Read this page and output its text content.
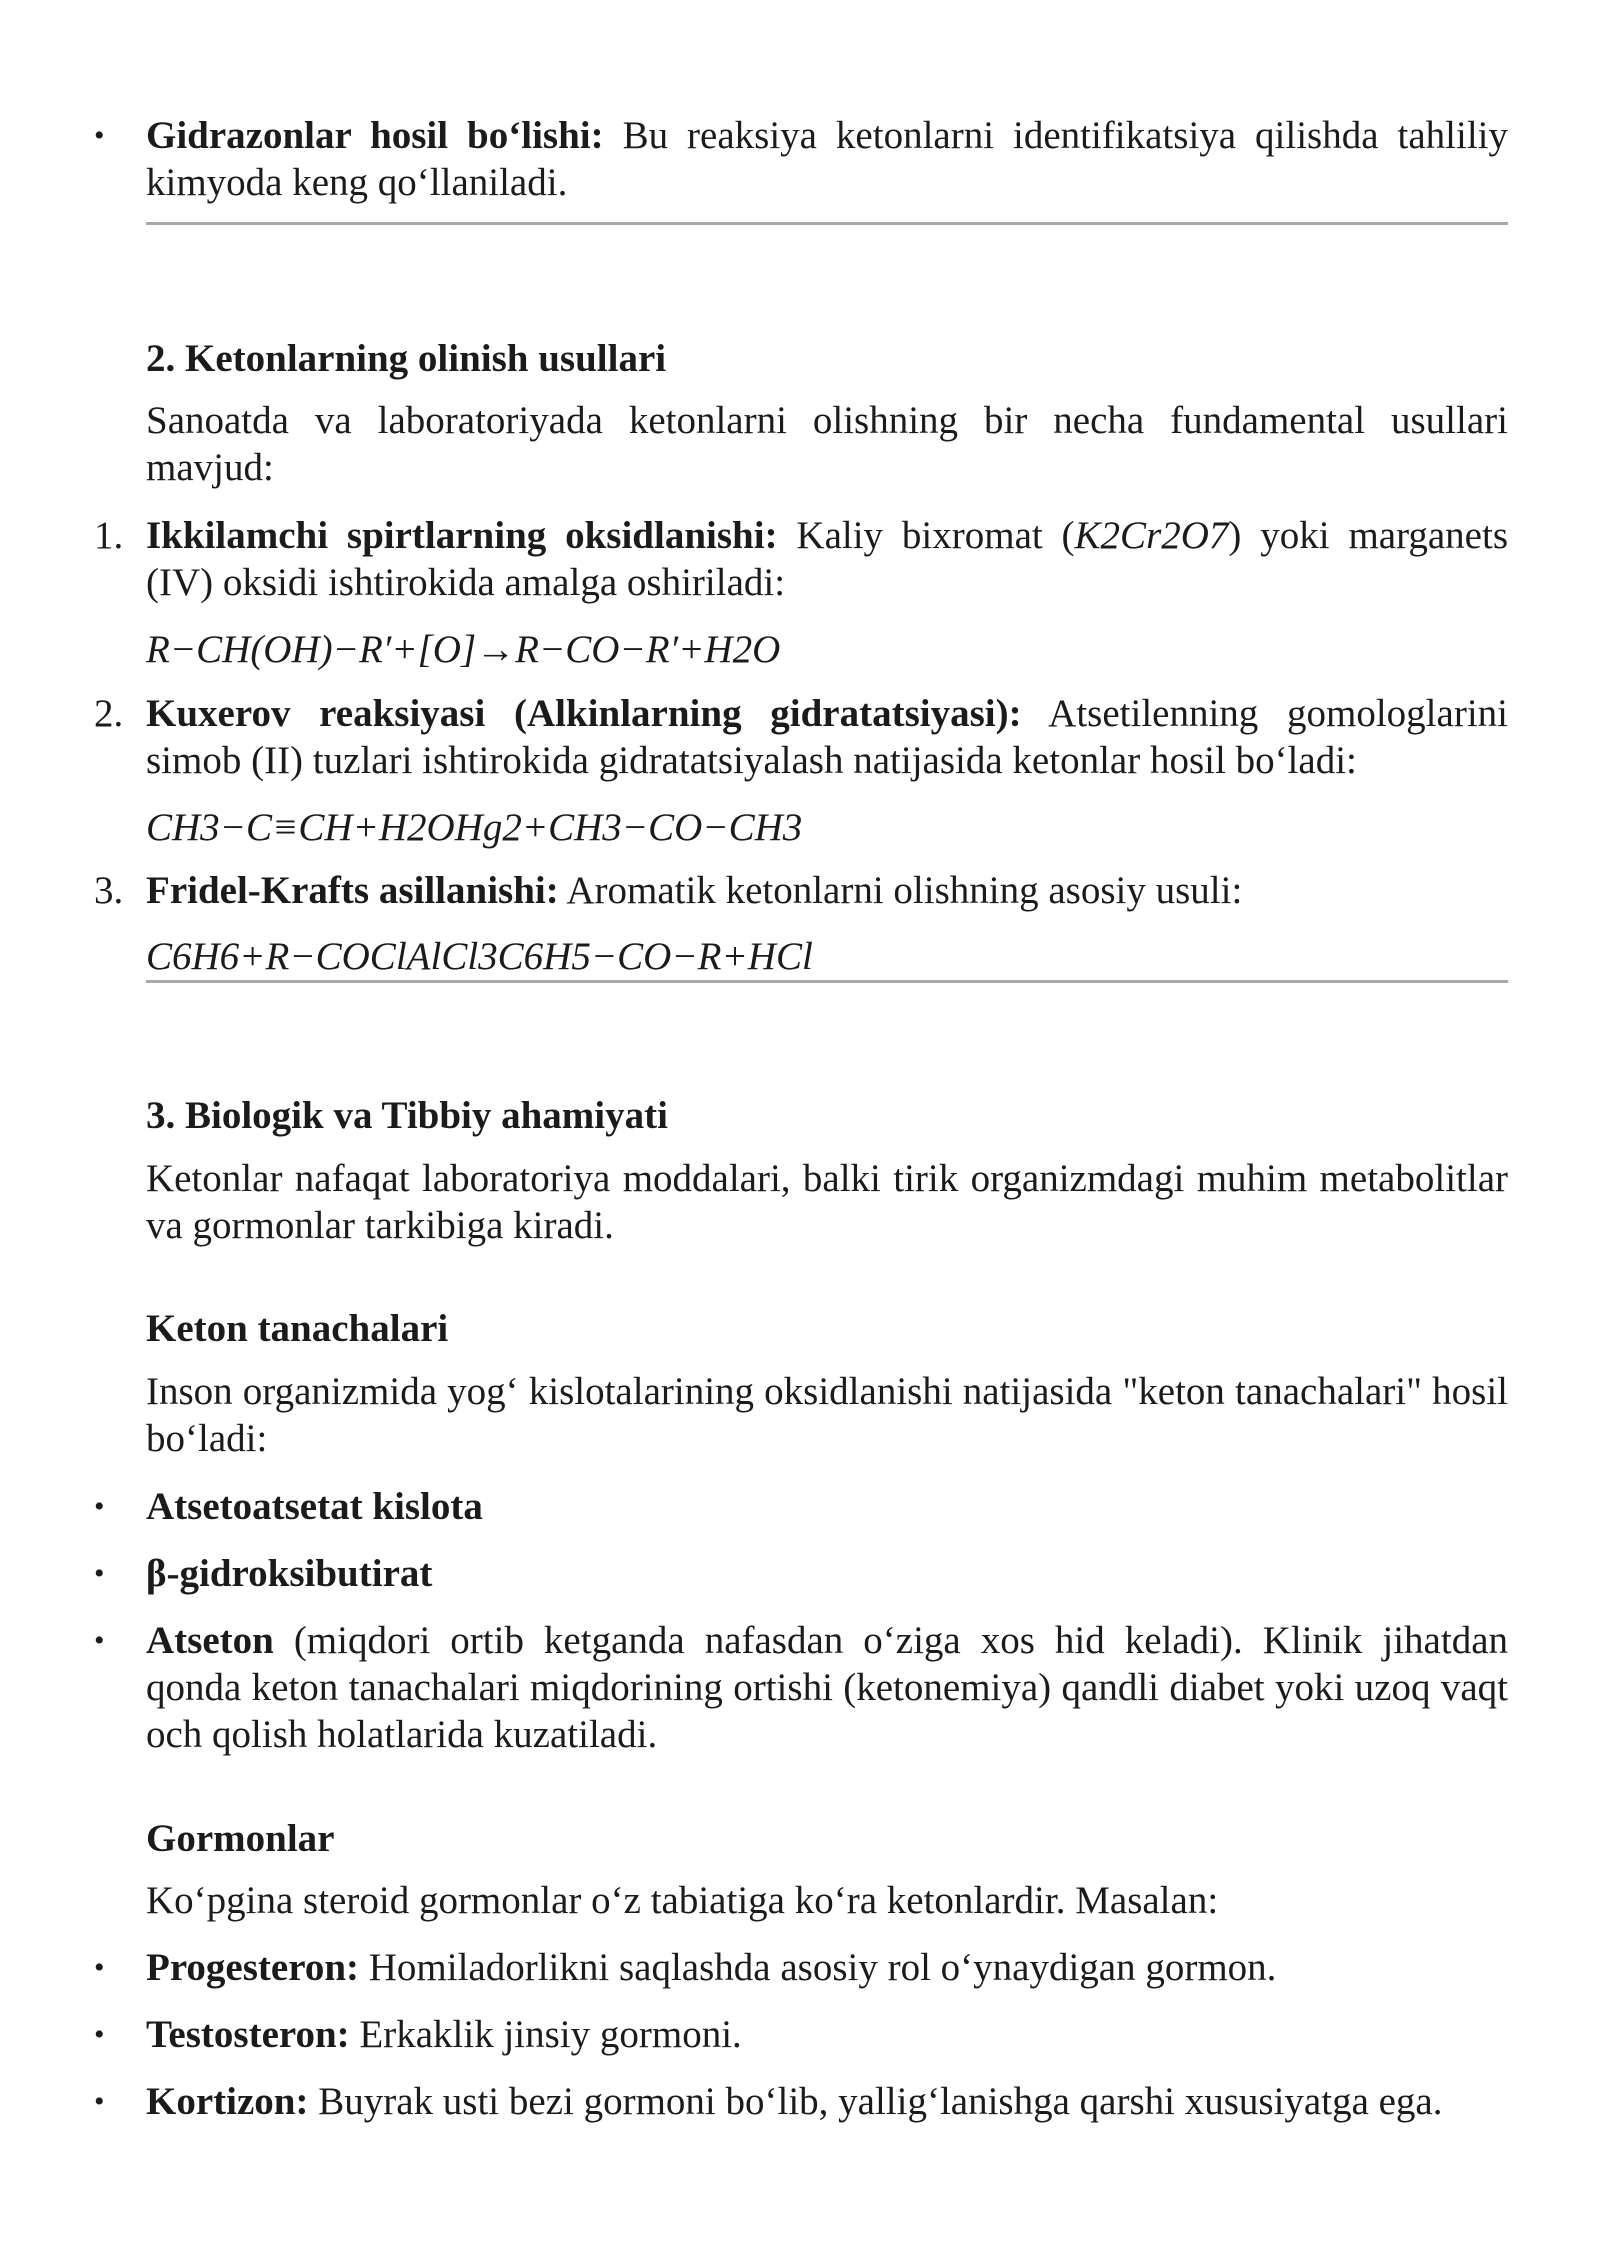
• Gidrazonlar hosil bo‘lishi: Bu reaksiya ketonlarni identifikatsiya qilishda tahliliy kimyoda keng qo‘llaniladi.
2. Ketonlarning olinish usullari
Sanoatda va laboratoriyada ketonlarni olishning bir necha fundamental usullari mavjud:
1. Ikkilamchi spirtlarning oksidlanishi: Kaliy bixromat (K2Cr2O7) yoki marganets (IV) oksidi ishtirokida amalga oshiriladi:
R−CH(OH)−R′+[O]→R−CO−R′+H2O
2. Kuxerov reaksiyasi (Alkinlarning gidratatsiyasi): Atsetilenning gomologlarini simob (II) tuzlari ishtirokida gidratatsiyalash natijasida ketonlar hosil bo‘ladi:
CH3−C≡CH+H2OHg2+CH3−CO−CH3
3. Fridel-Krafts asillanishi: Aromatik ketonlarni olishning asosiy usuli:
C6H6+R−COClAlCl3C6H5−CO−R+HCl
3. Biologik va Tibbiy ahamiyati
Ketonlar nafaqat laboratoriya moddalari, balki tirik organizmdagi muhim metabolitlar va gormonlar tarkibiga kiradi.
Keton tanachalari
Inson organizmida yog‘ kislotalarining oksidlanishi natijasida "keton tanachalari" hosil bo‘ladi:
• Atsetoatsetat kislota
• β-gidroksibutirat
• Atseton (miqdori ortib ketganda nafasdan o‘ziga xos hid keladi). Klinik jihatdan qonda keton tanachalari miqdorining ortishi (ketonemiya) qandli diabet yoki uzoq vaqt och qolish holatlarida kuzatiladi.
Gormonlar
Ko‘pgina steroid gormonlar o‘z tabiatiga ko‘ra ketonlardir. Masalan:
• Progesteron: Homiladorlikni saqlashda asosiy rol o‘ynaydigan gormon.
• Testosteron: Erkaklik jinsiy gormoni.
• Kortizon: Buyrak usti bezi gormoni bo‘lib, yallig‘lanishga qarshi xususiyatga ega.
